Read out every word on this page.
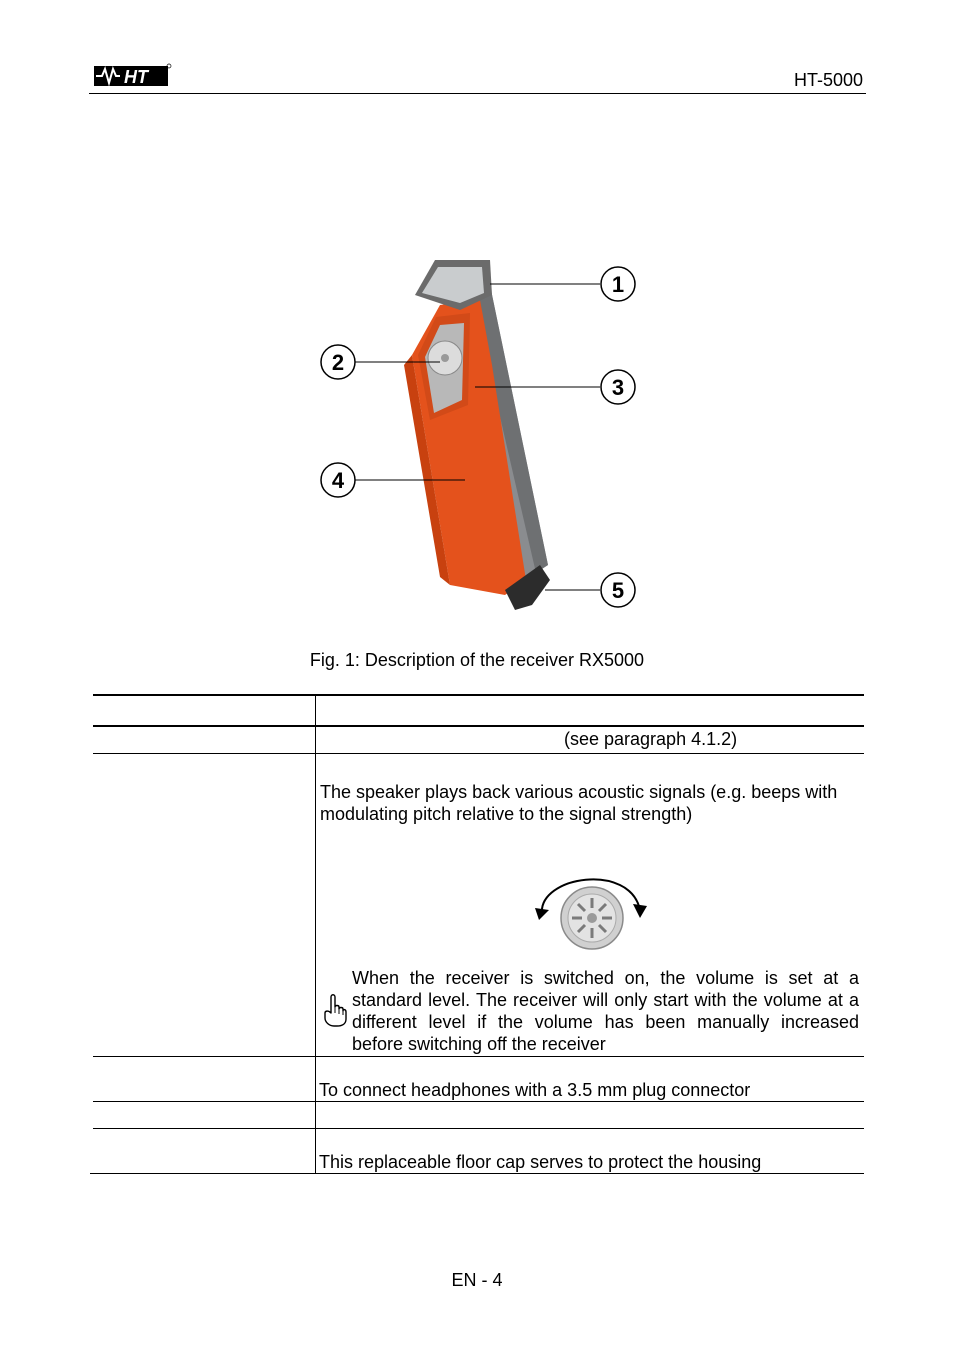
HT	HT-5000
1
2
3
4
5
Fig. 1: Description of the receiver RX5000
(see paragraph 4.1.2)
The speaker plays back various acoustic signals (e.g. beeps with modulating pitch relative to the signal strength)
When the receiver is switched on, the volume is set at a standard level. The receiver will only start with the volume at a different level if the volume has been manually increased before switching off the receiver
To connect headphones with a 3.5 mm plug connector
This replaceable floor cap serves to protect the housing
EN - 4
